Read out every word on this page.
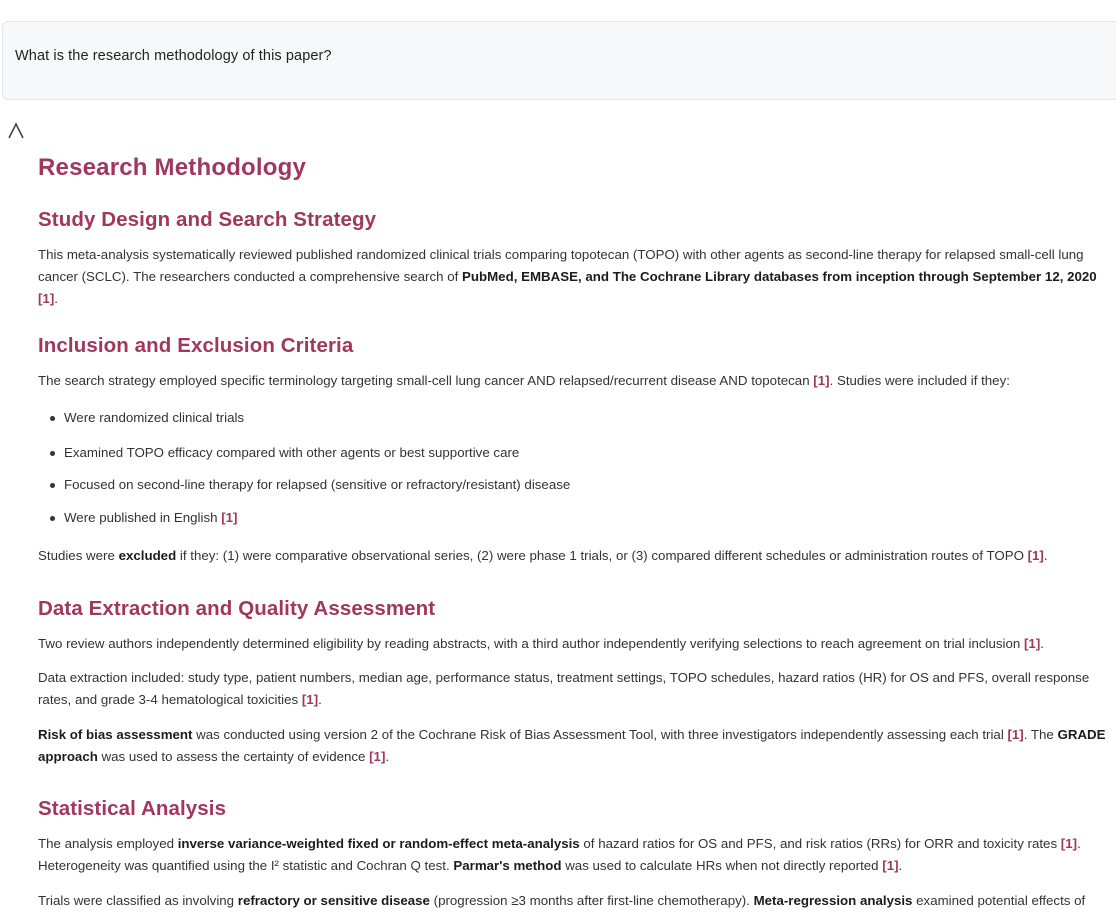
What is the research methodology of this paper?
Research Methodology
Study Design and Search Strategy

This meta-analysis systematically reviewed published randomized clinical trials comparing topotecan (TOPO) with other agents as second-line therapy for relapsed small-cell lung cancer (SCLC). The researchers conducted a comprehensive search of PubMed, EMBASE, and The Cochrane Library databases from inception through September 12, 2020 [1].

Inclusion and Exclusion Criteria

The search strategy employed specific terminology targeting small-cell lung cancer AND relapsed/recurrent disease AND topotecan [1]. Studies were included if they:

Were randomized clinical trials
Examined TOPO efficacy compared with other agents or best supportive care
Focused on second-line therapy for relapsed (sensitive or refractory/resistant) disease
Were published in English [1]

Studies were excluded if they: (1) were comparative observational series, (2) were phase 1 trials, or (3) compared different schedules or administration routes of TOPO [1].

Data Extraction and Quality Assessment

Two review authors independently determined eligibility by reading abstracts, with a third author independently verifying selections to reach agreement on trial inclusion [1].

Data extraction included: study type, patient numbers, median age, performance status, treatment settings, TOPO schedules, hazard ratios (HR) for OS and PFS, overall response rates, and grade 3-4 hematological toxicities [1].

Risk of bias assessment was conducted using version 2 of the Cochrane Risk of Bias Assessment Tool, with three investigators independently assessing each trial [1]. The GRADE approach was used to assess the certainty of evidence [1].

Statistical Analysis

The analysis employed inverse variance-weighted fixed or random-effect meta-analysis of hazard ratios for OS and PFS, and risk ratios (RRs) for ORR and toxicity rates [1]. Heterogeneity was quantified using the I² statistic and Cochran Q test. Parmar's method was used to calculate HRs when not directly reported [1].

Trials were classified as involving refractory or sensitive disease (progression ≥3 months after first-line chemotherapy). Meta-regression analysis examined potential effects of
